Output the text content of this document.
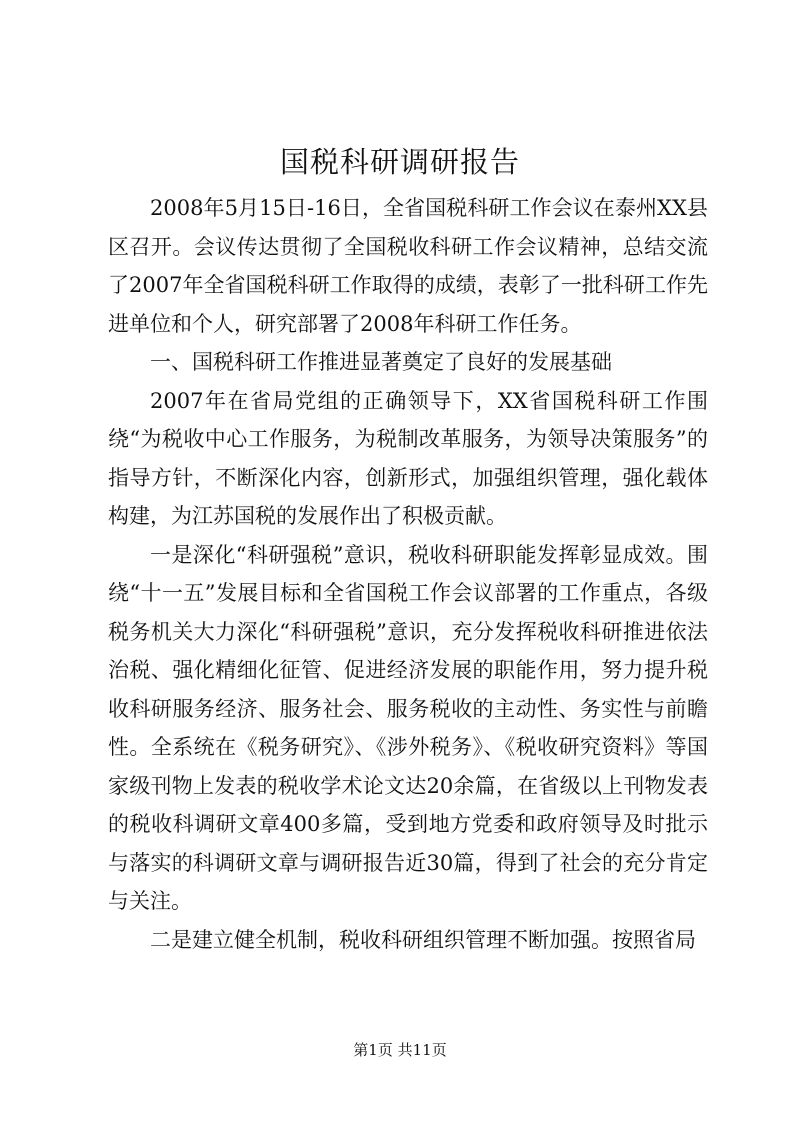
国税科研调研报告

2008年5月15日-16日，全省国税科研工作会议在泰州XX县区召开。会议传达贯彻了全国税收科研工作会议精神，总结交流了2007年全省国税科研工作取得的成绩，表彰了一批科研工作先进单位和个人，研究部署了2008年科研工作任务。

一、国税科研工作推进显著奠定了良好的发展基础

2007年在省局党组的正确领导下，XX省国税科研工作围绕“为税收中心工作服务，为税制改革服务，为领导决策服务”的指导方针，不断深化内容，创新形式，加强组织管理，强化载体构建，为江苏国税的发展作出了积极贡献。

一是深化“科研强税”意识，税收科研职能发挥彰显成效。围绕“十一五”发展目标和全省国税工作会议部署的工作重点，各级税务机关大力深化“科研强税”意识，充分发挥税收科研推进依法治税、强化精细化征管、促进经济发展的职能作用，努力提升税收科研服务经济、服务社会、服务税收的主动性、务实性与前瞻性。全系统在《税务研究》、《涉外税务》、《税收研究资料》等国家级刊物上发表的税收学术论文达20余篇，在省级以上刊物发表的税收科调研文章400多篇，受到地方党委和政府领导及时批示与落实的科调研文章与调研报告近30篇，得到了社会的充分肯定与关注。

二是建立健全机制，税收科研组织管理不断加强。按照省局

第1页 共11页
